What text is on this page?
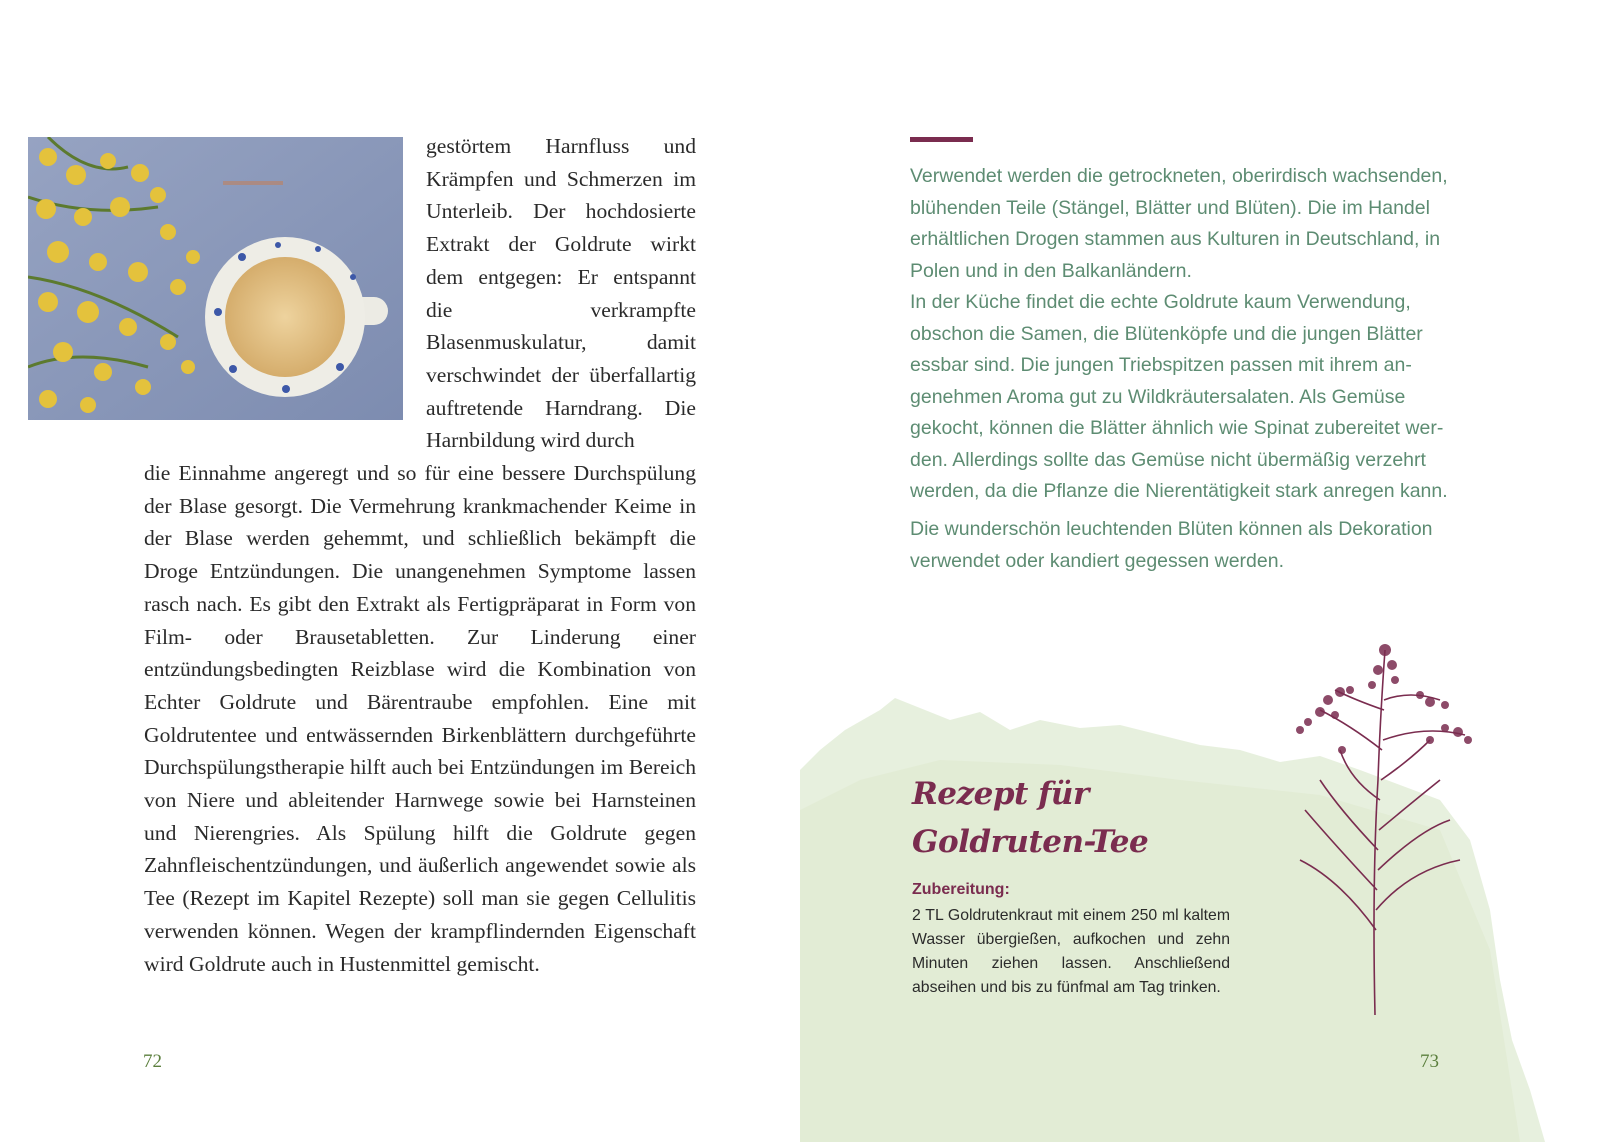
gestörtem Harnfluss und Krämpfen und Schmerzen im Unterleib. Der hochdosierte Extrakt der Goldrute wirkt dem entgegen: Er entspannt die verkrampfte Blasenmuskulatur, damit verschwindet der überfallartig auftretende Harndrang. Die Harnbildung wird durch

die Einnahme angeregt und so für eine bessere Durchspülung der Blase gesorgt. Die Vermehrung krankmachender Keime in der Blase werden gehemmt, und schließlich bekämpft die Droge Entzündungen. Die unangenehmen Symptome lassen rasch nach. Es gibt den Extrakt als Fertigpräparat in Form von Film- oder Brausetabletten. Zur Linderung einer entzündungsbedingten Reizblase wird die Kombination von Echter Goldrute und Bärentraube empfohlen. Eine mit Goldrutentee und entwässernden Birkenblättern durchgeführte Durchspülungstherapie hilft auch bei Entzündungen im Bereich von Niere und ableitender Harnwege sowie bei Harnsteinen und Nierengries. Als Spülung hilft die Goldrute gegen Zahnfleischentzündungen, und äußerlich angewendet sowie als Tee (Rezept im Kapitel Rezepte) soll man sie gegen Cellulitis verwenden können. Wegen der krampflindernden Eigenschaft wird Goldrute auch in Hustenmittel gemischt.

72

Verwendet werden die getrockneten, oberirdisch wachsenden, blühenden Teile (Stängel, Blätter und Blüten). Die im Handel erhältlichen Drogen stammen aus Kulturen in Deutschland, in Polen und in den Balkanländern.

In der Küche findet die echte Goldrute kaum Verwendung, obschon die Samen, die Blütenköpfe und die jungen Blätter essbar sind. Die jungen Triebspitzen passen mit ihrem angenehmen Aroma gut zu Wildkräutersalaten. Als Gemüse gekocht, können die Blätter ähnlich wie Spinat zubereitet werden. Allerdings sollte das Gemüse nicht übermäßig verzehrt werden, da die Pflanze die Nierentätigkeit stark anregen kann.

Die wunderschön leuchtenden Blüten können als Dekoration verwendet oder kandiert gegessen werden.

Rezept für
Goldruten-Tee
Zubereitung:

2 TL Goldrutenkraut mit einem 250 ml kaltem Wasser übergießen, aufkochen und zehn Minuten ziehen lassen. Anschließend abseihen und bis zu fünfmal am Tag trinken.

73
